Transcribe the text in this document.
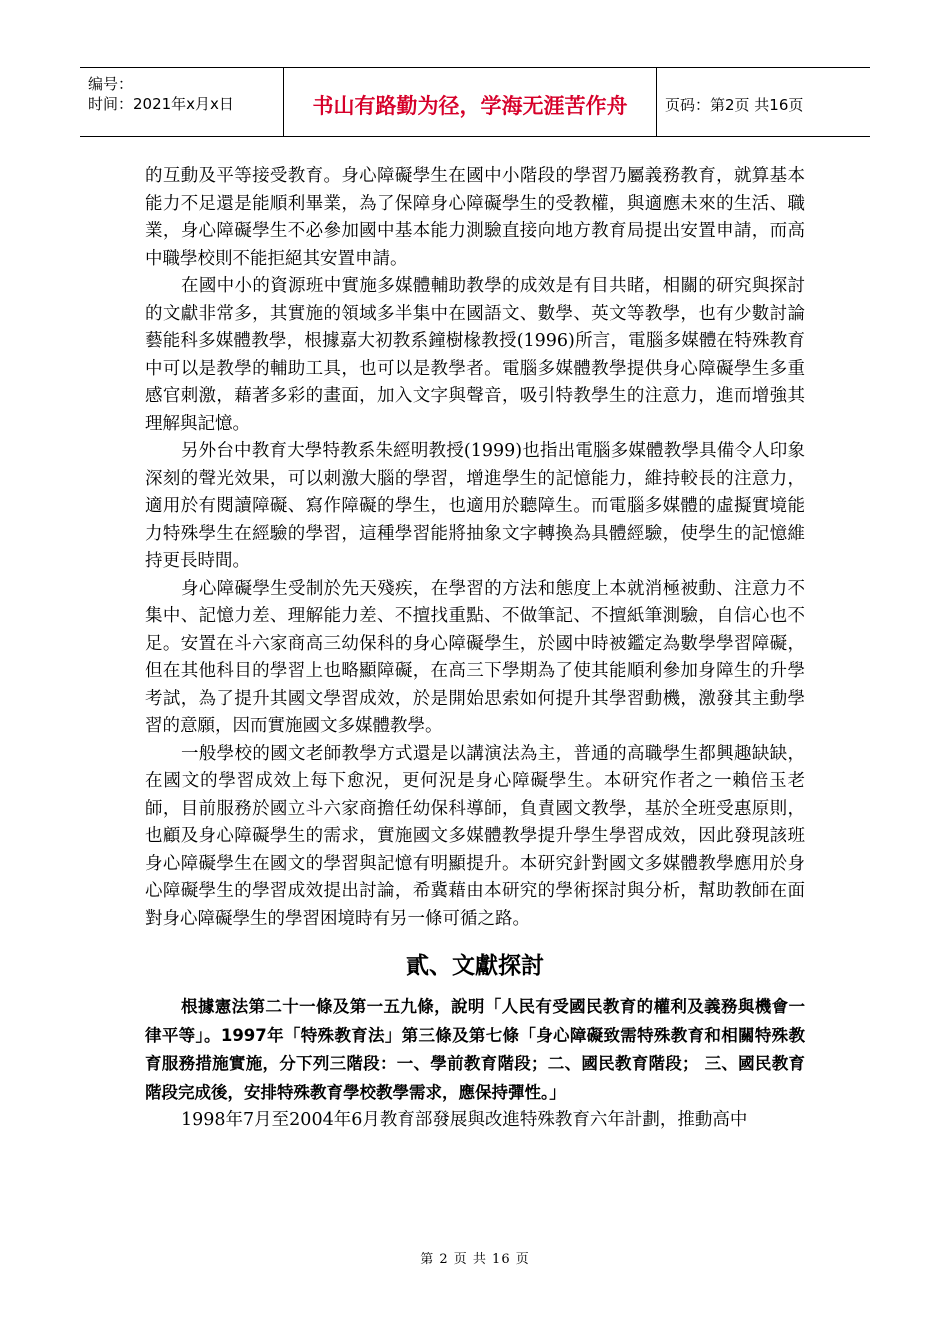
编号：
时间：2021年x月x日	书山有路勤为径，学海无涯苦作舟	页码：第2页 共16页

的互動及平等接受教育。身心障礙學生在國中小階段的學習乃屬義務教育，就算基本能力不足還是能順利畢業，為了保障身心障礙學生的受教權，與適應未來的生活、職業，身心障礙學生不必參加國中基本能力測驗直接向地方教育局提出安置申請，而高中職學校則不能拒絕其安置申請。

在國中小的資源班中實施多媒體輔助教學的成效是有目共睹，相關的研究與探討的文獻非常多，其實施的領域多半集中在國語文、數學、英文等教學，也有少數討論藝能科多媒體教學，根據嘉大初教系鐘樹椽教授(1996)所言，電腦多媒體在特殊教育中可以是教學的輔助工具，也可以是教學者。電腦多媒體教學提供身心障礙學生多重感官刺激，藉著多彩的畫面，加入文字與聲音，吸引特教學生的注意力，進而增強其理解與記憶。

另外台中教育大學特教系朱經明教授(1999)也指出電腦多媒體教學具備令人印象深刻的聲光效果，可以刺激大腦的學習，增進學生的記憶能力，維持較長的注意力，適用於有閱讀障礙、寫作障礙的學生，也適用於聽障生。而電腦多媒體的虛擬實境能力特殊學生在經驗的學習，這種學習能將抽象文字轉換為具體經驗，使學生的記憶維持更長時間。

身心障礙學生受制於先天殘疾，在學習的方法和態度上本就消極被動、注意力不集中、記憶力差、理解能力差、不擅找重點、不做筆記、不擅紙筆測驗，自信心也不足。安置在斗六家商高三幼保科的身心障礙學生，於國中時被鑑定為數學學習障礙，但在其他科目的學習上也略顯障礙，在高三下學期為了使其能順利參加身障生的升學考試，為了提升其國文學習成效，於是開始思索如何提升其學習動機，激發其主動學習的意願，因而實施國文多媒體教學。

一般學校的國文老師教學方式還是以講演法為主，普通的高職學生都興趣缺缺，在國文的學習成效上每下愈況，更何況是身心障礙學生。本研究作者之一賴倍玉老師，目前服務於國立斗六家商擔任幼保科導師，負責國文教學，基於全班受惠原則，也顧及身心障礙學生的需求，實施國文多媒體教學提升學生學習成效，因此發現該班身心障礙學生在國文的學習與記憶有明顯提升。本研究針對國文多媒體教學應用於身心障礙學生的學習成效提出討論，希冀藉由本研究的學術探討與分析，幫助教師在面對身心障礙學生的學習困境時有另一條可循之路。

貳、文獻探討

根據憲法第二十一條及第一五九條，說明「人民有受國民教育的權利及義務與機會一律平等」。1997年「特殊教育法」第三條及第七條「身心障礙致需特殊教育和相關特殊教育服務措施實施，分下列三階段：一、學前教育階段；二、國民教育階段； 三、國民教育階段完成後，安排特殊教育學校教學需求，應保持彈性。」

1998年7月至2004年6月教育部發展與改進特殊教育六年計劃，推動高中

第 2 页 共 16 页
